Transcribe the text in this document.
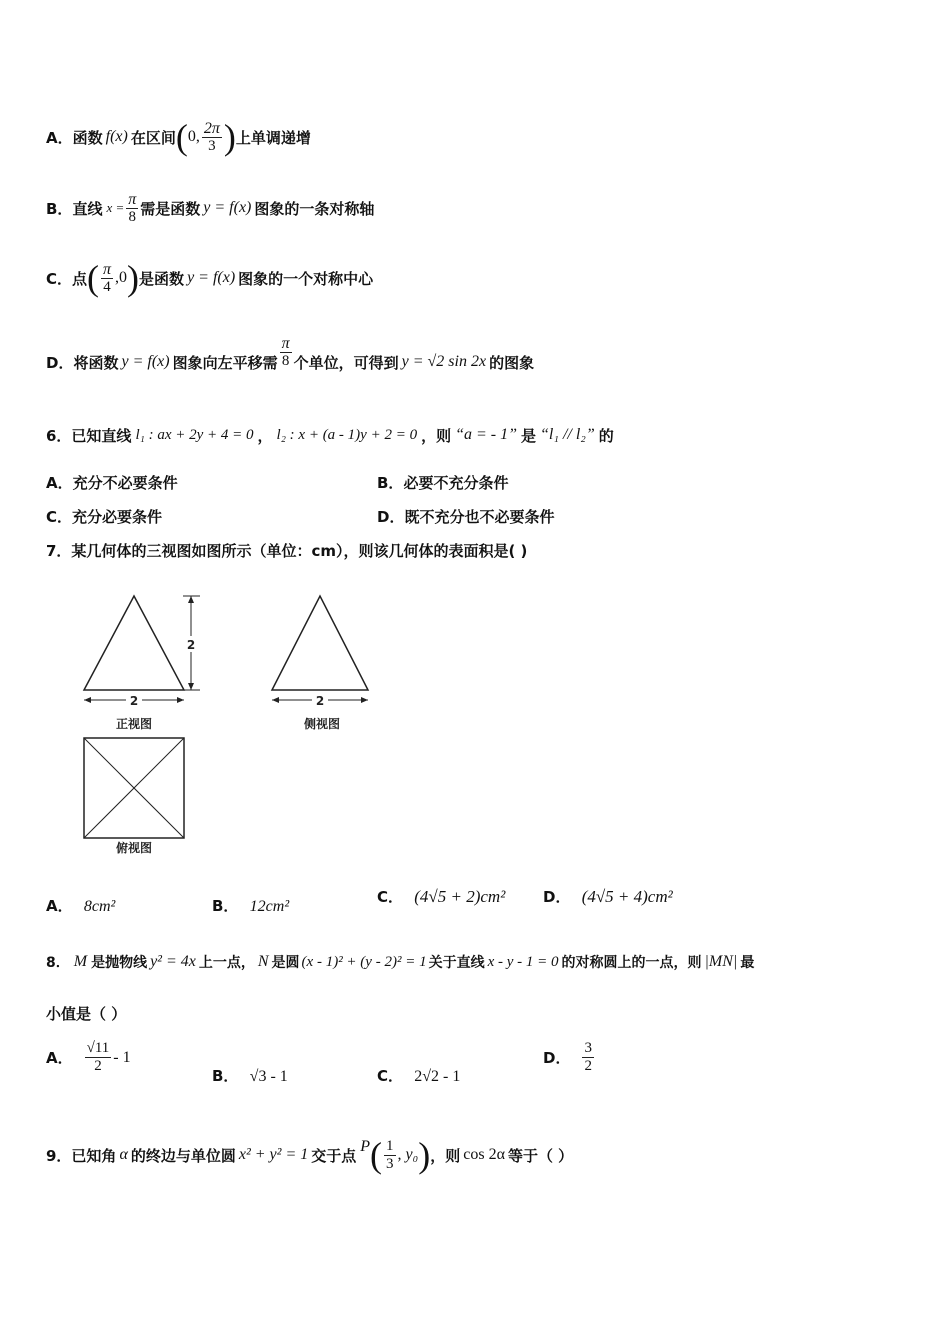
A． 函数 f(x) 在区间 ( 0, $\frac{2\pi}{3}$ ) 上单调递增
B． 直线 $x = \frac{\pi}{8}$ 需是函数 y = f(x) 图象的一条对称轴
C． 点 ( $\frac{\pi}{4} ,0$ ) 是函数 y = f(x) 图象的一个对称中心
D． 将函数 y = f(x) 图象向左平移需 $\frac{\pi}{8}$ 个单位，可得到 y = √2 sin 2x 的图象
6．已知直线 l₁ : ax + 2y + 4 = 0 ， l₂ : x + (a - 1)y + 2 = 0 ，则 “a = - 1” 是 “l₁ // l₂” 的
A．充分不必要条件	B．必要不充分条件
C．充分必要条件	D．既不充分也不必要条件
7．某几何体的三视图如图所示（单位：cm），则该几何体的表面积是( )
2
2
正视图
2
侧视图
俯视图
A． 8cm²	B． 12cm²
C． (4√5 + 2)cm²	D． (4√5 + 4)cm²
8． M 是抛物线 y² = 4x 上一点， N 是圆 (x - 1)² + (y - 2)² = 1 关于直线 x - y - 1 = 0 的对称圆上的一点，则 |MN| 最
小值是（ ）
A． $\frac{√11}{2} - 1$
B． √3 - 1	C． 2√2 - 1
D． $\frac{3}{2}$
9．已知角 α 的终边与单位圆 x² + y² = 1 交于点 P ( $\frac{1}{3}$ , y₀ ) ，则 cos 2α 等于（ ）
